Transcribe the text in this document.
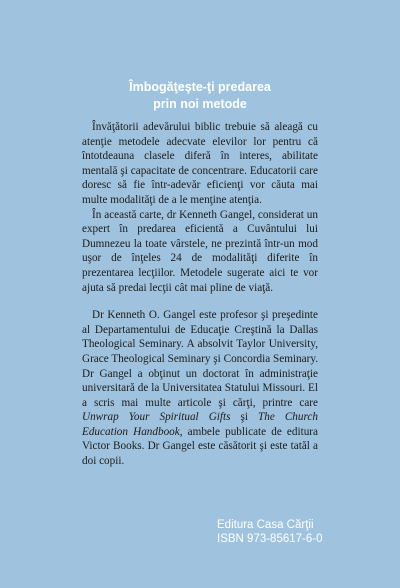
Îmbogăţeşte-ţi predarea
prin noi metode

Învăţătorii adevărului biblic trebuie să aleagă cu atenţie metodele adecvate elevilor lor pentru că întotdeauna clasele diferă în interes, abilitate mentală şi capacitate de concentrare. Educatorii care doresc să fie într-adevăr eficienţi vor căuta mai multe modalităţi de a le menţine atenţia.

În această carte, dr Kenneth Gangel, considerat un expert în predarea eficientă a Cuvântului lui Dumnezeu la toate vârstele, ne prezintă într-un mod uşor de înţeles 24 de modalităţi diferite în prezentarea lecţiilor. Metodele sugerate aici te vor ajuta să predai lecţii cât mai pline de viaţă.

Dr Kenneth O. Gangel este profesor şi preşedinte al Departamentului de Educaţie Creştină la Dallas Theological Seminary. A absolvit Taylor University, Grace Theological Seminary şi Concordia Seminary. Dr Gangel a obţinut un doctorat în administraţie universitară de la Universitatea Statului Missouri. El a scris mai multe articole şi cărţi, printre care Unwrap Your Spiritual Gifts şi The Church Education Handbook, ambele publicate de editura Victor Books. Dr Gangel este căsătorit şi este tatăl a doi copii.

Editura Casa Cărţii
ISBN 973-85617-6-0
